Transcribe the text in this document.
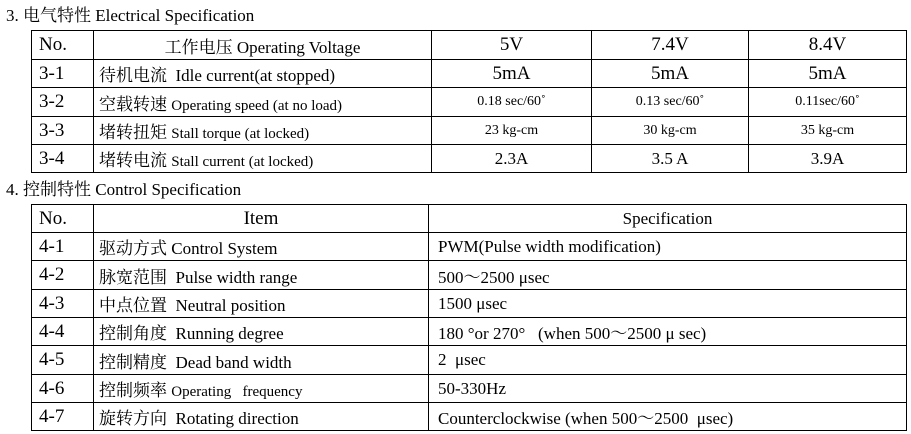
3. 电气特性 Electrical Specification
No.	工作电压 Operating Voltage	5V	7.4V	8.4V
3-1	待机电流 Idle current(at stopped)	5mA	5mA	5mA
3-2	空载转速 Operating speed (at no load)	0.18 sec/60˚	0.13 sec/60˚	0.11sec/60˚
3-3	堵转扭矩 Stall torque (at locked)	23 kg-cm	30 kg-cm	35 kg-cm
3-4	堵转电流 Stall current (at locked)	2.3A	3.5 A	3.9A
4. 控制特性 Control Specification
No.	Item	Specification
4-1	驱动方式 Control System	PWM(Pulse width modification)
4-2	脉宽范围 Pulse width range	500～2500 μsec
4-3	中点位置 Neutral position	1500 μsec
4-4	控制角度 Running degree	180 °or 270°   (when 500～2500 μ sec)
4-5	控制精度 Dead band width	2  μsec
4-6	控制频率 Operating   frequency	50-330Hz
4-7	旋转方向 Rotating direction	Counterclockwise (when 500～2500  μsec)
